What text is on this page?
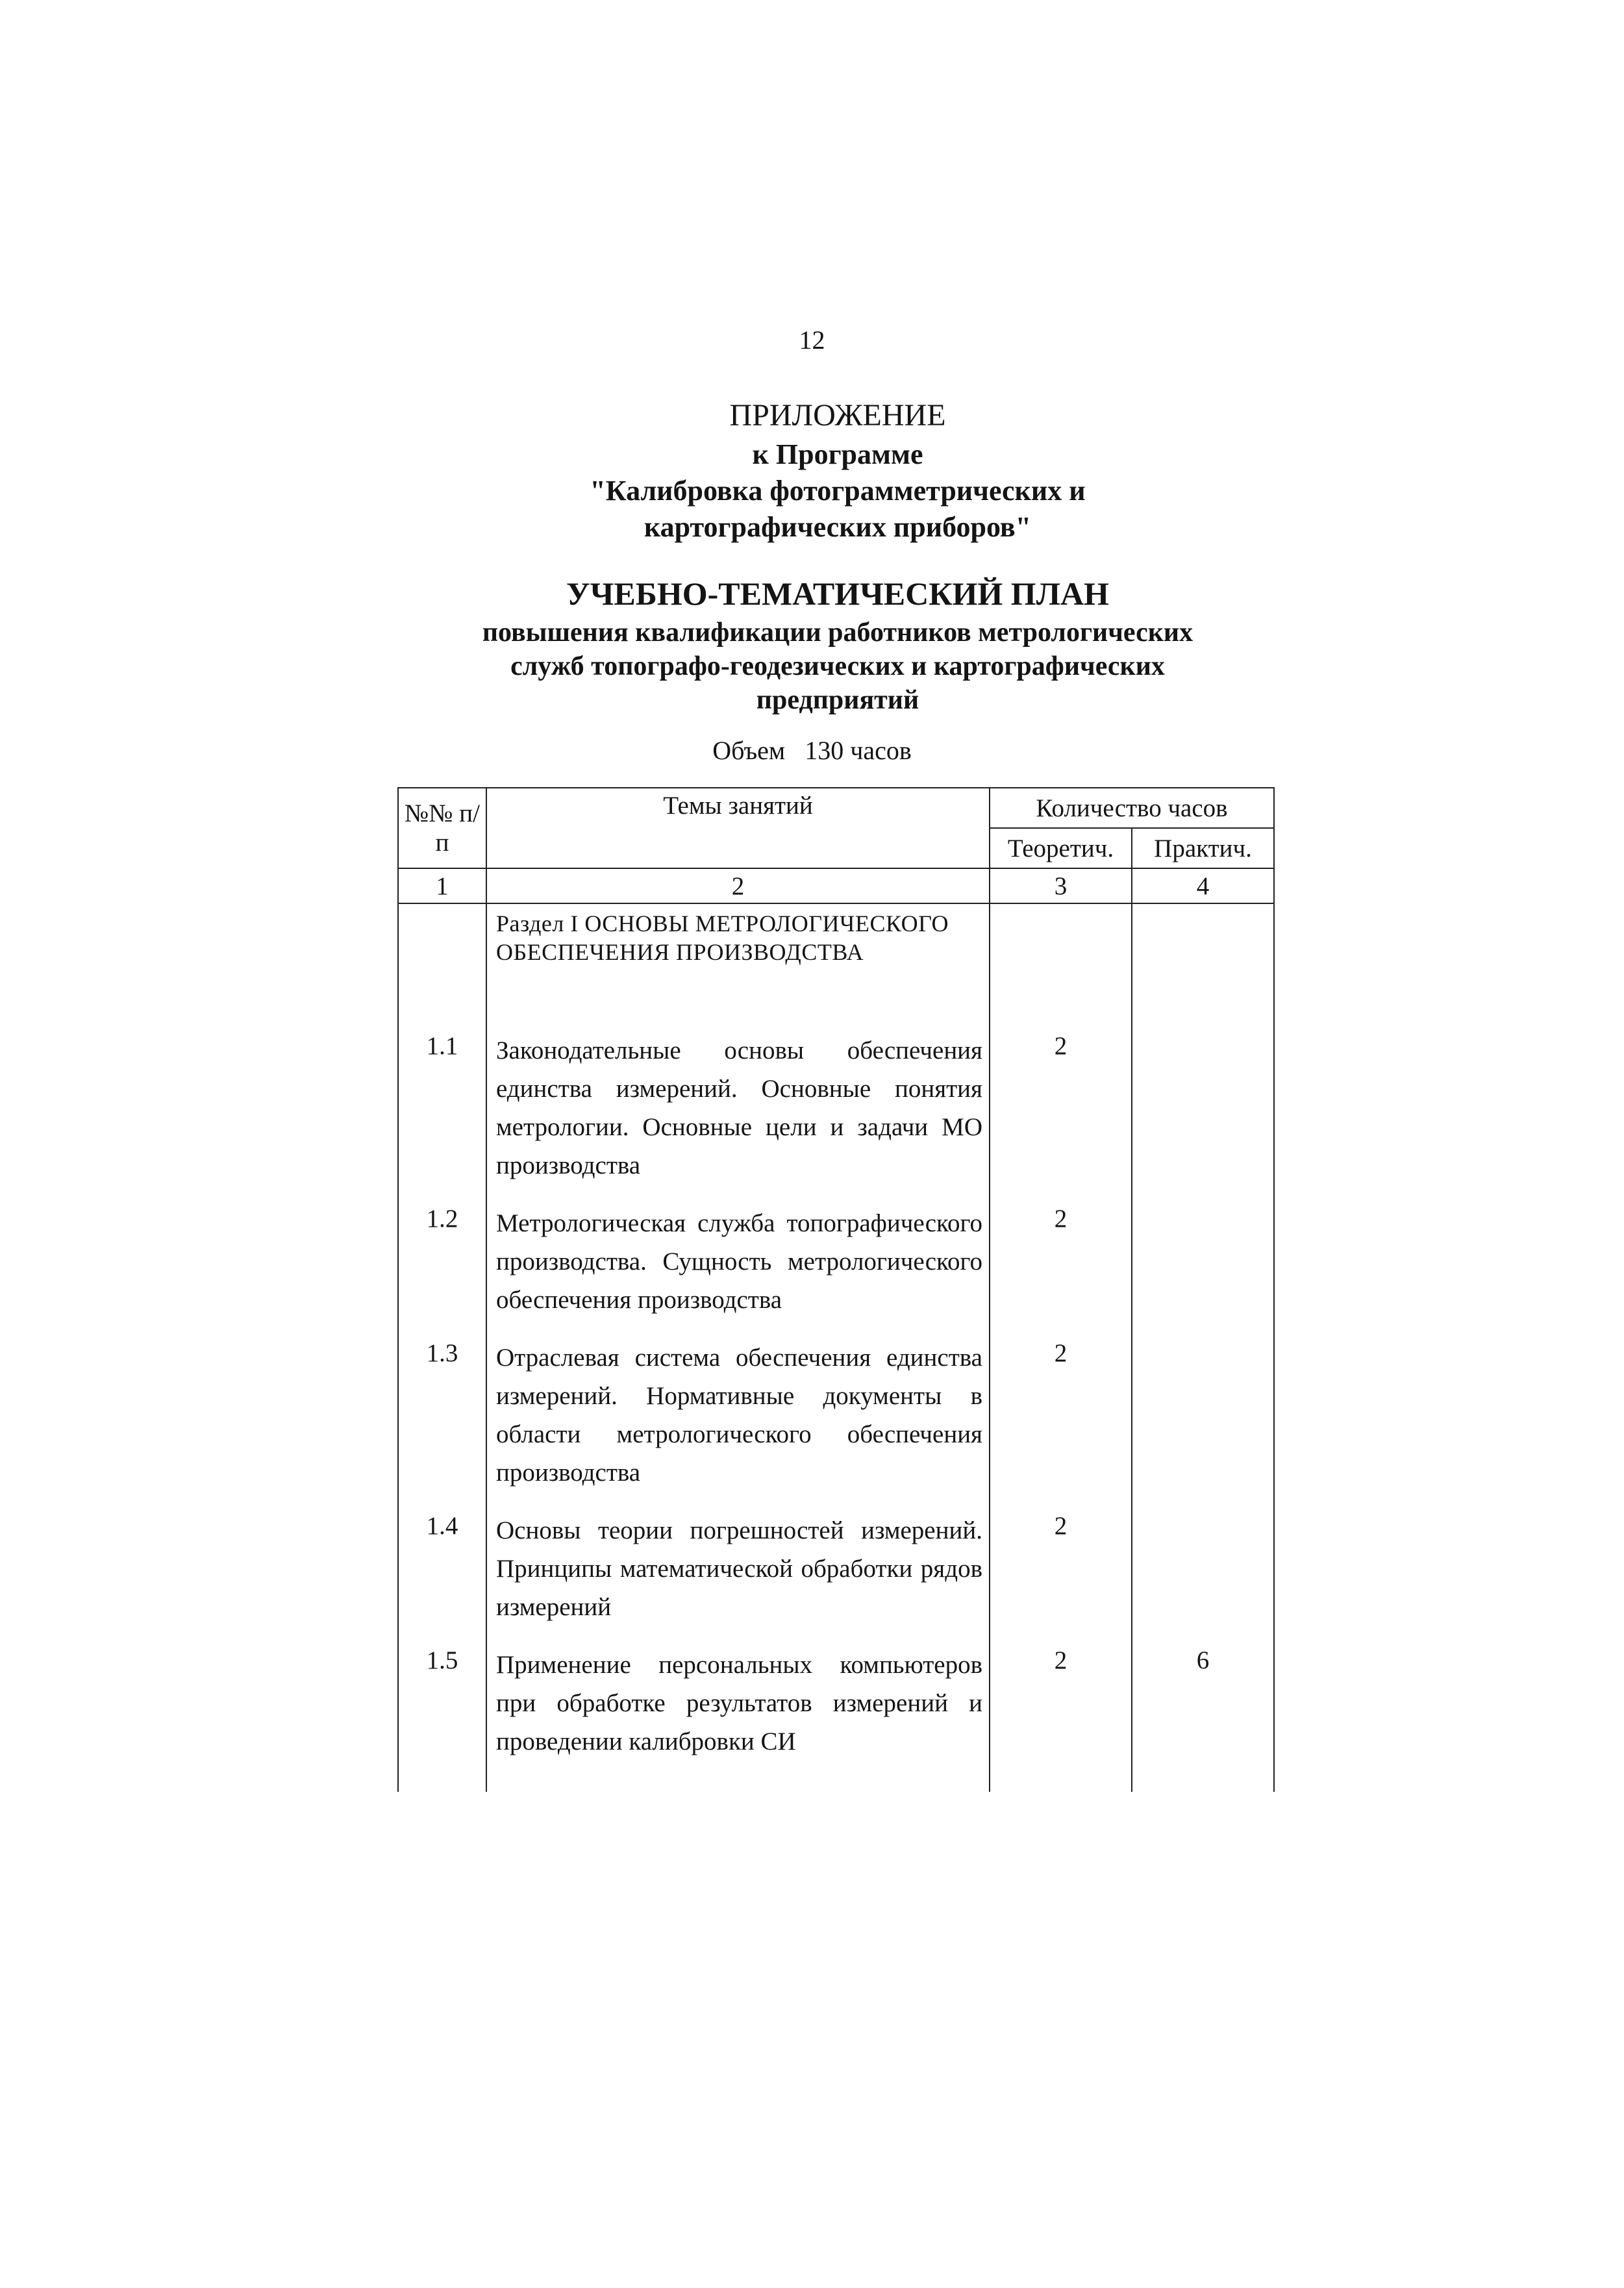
12
ПРИЛОЖЕНИЕ
к Программе
"Калибровка фотограмметрических и
картографических приборов"
УЧЕБНО-ТЕМАТИЧЕСКИЙ ПЛАН
повышения квалификации работников метрологических
служб топографо-геодезических и картографических
предприятий
Объем 130 часов
№№ п/п	Темы занятий	Количество часов	
		Теоретич.	Практич.
1	2	3	4
	Раздел I ОСНОВЫ МЕТРОЛОГИЧЕСКОГО ОБЕСПЕЧЕНИЯ ПРОИЗВОДСТВА		
1.1	Законодательные основы обеспечения единства измерений. Основные понятия метрологии. Основные цели и задачи МО производства	2	
1.2	Метрологическая служба топографического производства. Сущность метрологического обеспечения производства	2	
1.3	Отраслевая система обеспечения единства измерений. Нормативные документы в области метрологического обеспечения производства	2	
1.4	Основы теории погрешностей измерений. Принципы математической обработки рядов измерений	2	
1.5	Применение персональных компьютеров при обработке результатов измерений и проведении калибровки СИ	2	6
